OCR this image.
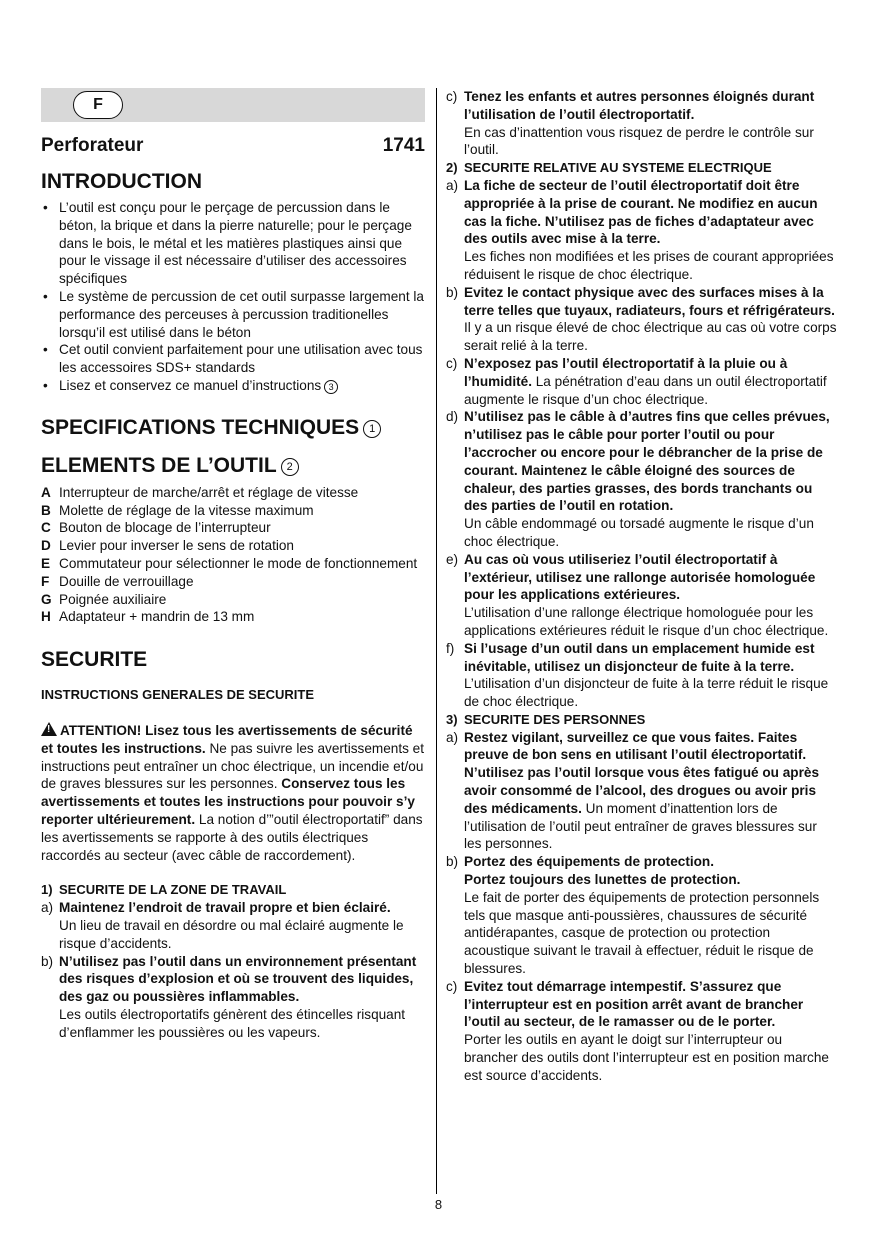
F
Perforateur	1741
INTRODUCTION
• L’outil est conçu pour le perçage de percussion dans le béton, la brique et dans la pierre naturelle; pour le perçage dans le bois, le métal et les matières plastiques ainsi que pour le vissage il est nécessaire d’utiliser des accessoires spécifiques
• Le système de percussion de cet outil surpasse largement la performance des perceuses à percussion traditionelles lorsqu’il est utilisé dans le béton
• Cet outil convient parfaitement pour une utilisation avec tous les accessoires SDS+ standards
• Lisez et conservez ce manuel d’instructions 3
SPECIFICATIONS TECHNIQUES 1
ELEMENTS DE L’OUTIL 2
A Interrupteur de marche/arrêt et réglage de vitesse
B Molette de réglage de la vitesse maximum
C Bouton de blocage de l’interrupteur
D Levier pour inverser le sens de rotation
E Commutateur pour sélectionner le mode de fonctionnement
F Douille de verrouillage
G Poignée auxiliaire
H Adaptateur + mandrin de 13 mm
SECURITE
INSTRUCTIONS GENERALES DE SECURITE
!ATTENTION! Lisez tous les avertissements de sécurité et toutes les instructions. Ne pas suivre les avertissements et instructions peut entraîner un choc électrique, un incendie et/ou de graves blessures sur les personnes. Conservez tous les avertissements et toutes les instructions pour pouvoir s’y reporter ultérieurement. La notion d’”outil électroportatif” dans les avertissements se rapporte à des outils électriques raccordés au secteur (avec câble de raccordement).
1) SECURITE DE LA ZONE DE TRAVAIL
a) Maintenez l’endroit de travail propre et bien éclairé.
Un lieu de travail en désordre ou mal éclairé augmente le risque d’accidents.
b) N’utilisez pas l’outil dans un environnement présentant des risques d’explosion et où se trouvent des liquides, des gaz ou poussières inflammables.
Les outils électroportatifs génèrent des étincelles risquant d’enflammer les poussières ou les vapeurs.
c) Tenez les enfants et autres personnes éloignés durant l’utilisation de l’outil électroportatif.
En cas d’inattention vous risquez de perdre le contrôle sur l’outil.
2) SECURITE RELATIVE AU SYSTEME ELECTRIQUE
a) La fiche de secteur de l’outil électroportatif doit être appropriée à la prise de courant. Ne modifiez en aucun cas la fiche. N’utilisez pas de fiches d’adaptateur avec des outils avec mise à la terre.
Les fiches non modifiées et les prises de courant appropriées réduisent le risque de choc électrique.
b) Evitez le contact physique avec des surfaces mises à la terre telles que tuyaux, radiateurs, fours et réfrigérateurs. Il y a un risque élevé de choc électrique au cas où votre corps serait relié à la terre.
c) N’exposez pas l’outil électroportatif à la pluie ou à l’humidité. La pénétration d’eau dans un outil électroportatif augmente le risque d’un choc électrique.
d) N’utilisez pas le câble à d’autres fins que celles prévues, n’utilisez pas le câble pour porter l’outil ou pour l’accrocher ou encore pour le débrancher de la prise de courant. Maintenez le câble éloigné des sources de chaleur, des parties grasses, des bords tranchants ou des parties de l’outil en rotation.
Un câble endommagé ou torsadé augmente le risque d’un choc électrique.
e) Au cas où vous utiliseriez l’outil électroportatif à l’extérieur, utilisez une rallonge autorisée homologuée pour les applications extérieures.
L’utilisation d’une rallonge électrique homologuée pour les applications extérieures réduit le risque d’un choc électrique.
f) Si l’usage d’un outil dans un emplacement humide est inévitable, utilisez un disjoncteur de fuite à la terre. L’utilisation d’un disjoncteur de fuite à la terre réduit le risque de choc électrique.
3) SECURITE DES PERSONNES
a) Restez vigilant, surveillez ce que vous faites. Faites preuve de bon sens en utilisant l’outil électroportatif. N’utilisez pas l’outil lorsque vous êtes fatigué ou après avoir consommé de l’alcool, des drogues ou avoir pris des médicaments. Un moment d’inattention lors de l’utilisation de l’outil peut entraîner de graves blessures sur les personnes.
b) Portez des équipements de protection.
Portez toujours des lunettes de protection.
Le fait de porter des équipements de protection personnels tels que masque anti-poussières, chaussures de sécurité antidérapantes, casque de protection ou protection acoustique suivant le travail à effectuer, réduit le risque de blessures.
c) Evitez tout démarrage intempestif. S’assurez que l’interrupteur est en position arrêt avant de brancher l’outil au secteur, de le ramasser ou de le porter.
Porter les outils en ayant le doigt sur l’interrupteur ou brancher des outils dont l’interrupteur est en position marche est source d’accidents.
8
